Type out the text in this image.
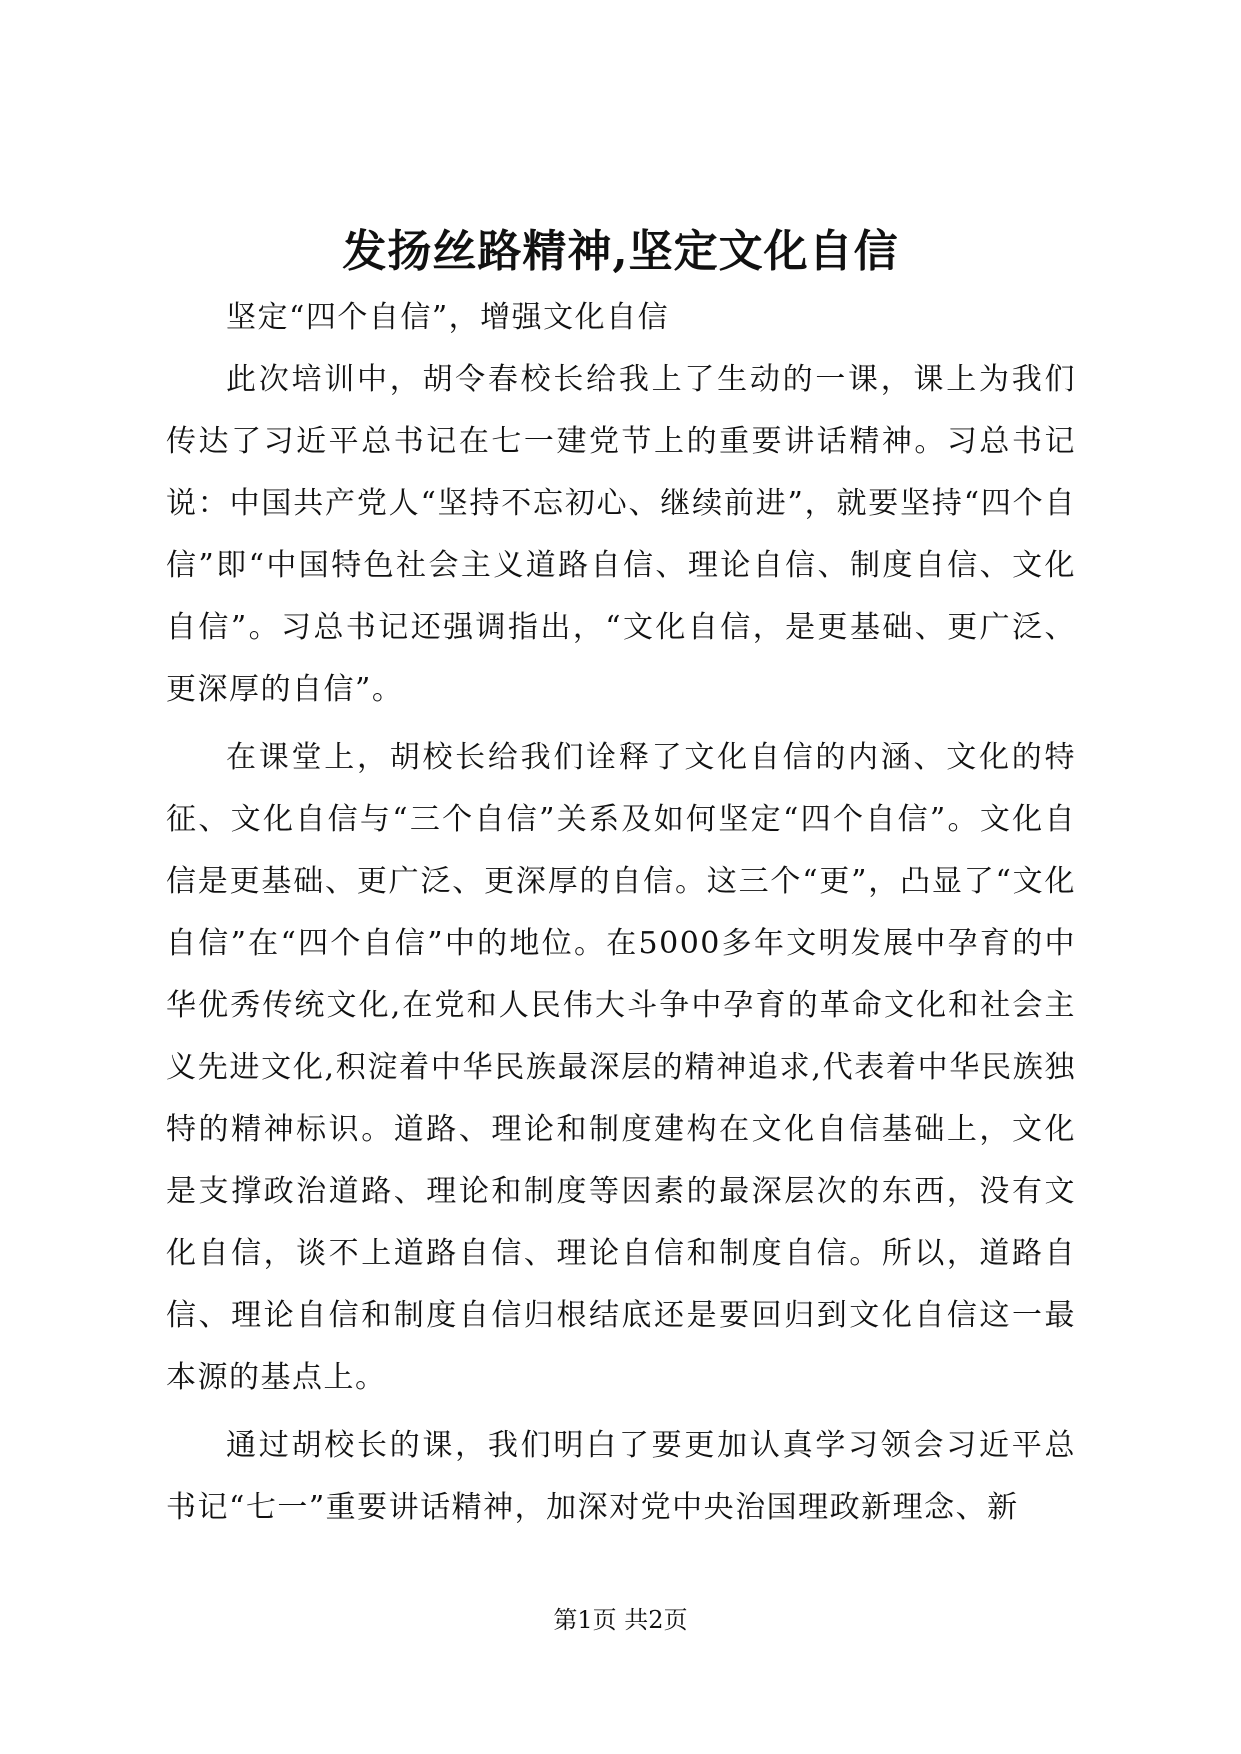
发扬丝路精神,坚定文化自信

坚定“四个自信”，增强文化自信

此次培训中，胡令春校长给我上了生动的一课，课上为我们传达了习近平总书记在七一建党节上的重要讲话精神。习总书记说：中国共产党人“坚持不忘初心、继续前进”，就要坚持“四个自信”即“中国特色社会主义道路自信、理论自信、制度自信、文化自信”。习总书记还强调指出，“文化自信，是更基础、更广泛、更深厚的自信”。

在课堂上，胡校长给我们诠释了文化自信的内涵、文化的特征、文化自信与“三个自信”关系及如何坚定“四个自信”。文化自信是更基础、更广泛、更深厚的自信。这三个“更”，凸显了“文化自信”在“四个自信”中的地位。在5000多年文明发展中孕育的中华优秀传统文化,在党和人民伟大斗争中孕育的革命文化和社会主义先进文化,积淀着中华民族最深层的精神追求,代表着中华民族独特的精神标识。道路、理论和制度建构在文化自信基础上，文化是支撑政治道路、理论和制度等因素的最深层次的东西，没有文化自信，谈不上道路自信、理论自信和制度自信。所以，道路自信、理论自信和制度自信归根结底还是要回归到文化自信这一最本源的基点上。

通过胡校长的课，我们明白了要更加认真学习领会习近平总书记“七一”重要讲话精神，加深对党中央治国理政新理念、新

第1页 共2页
